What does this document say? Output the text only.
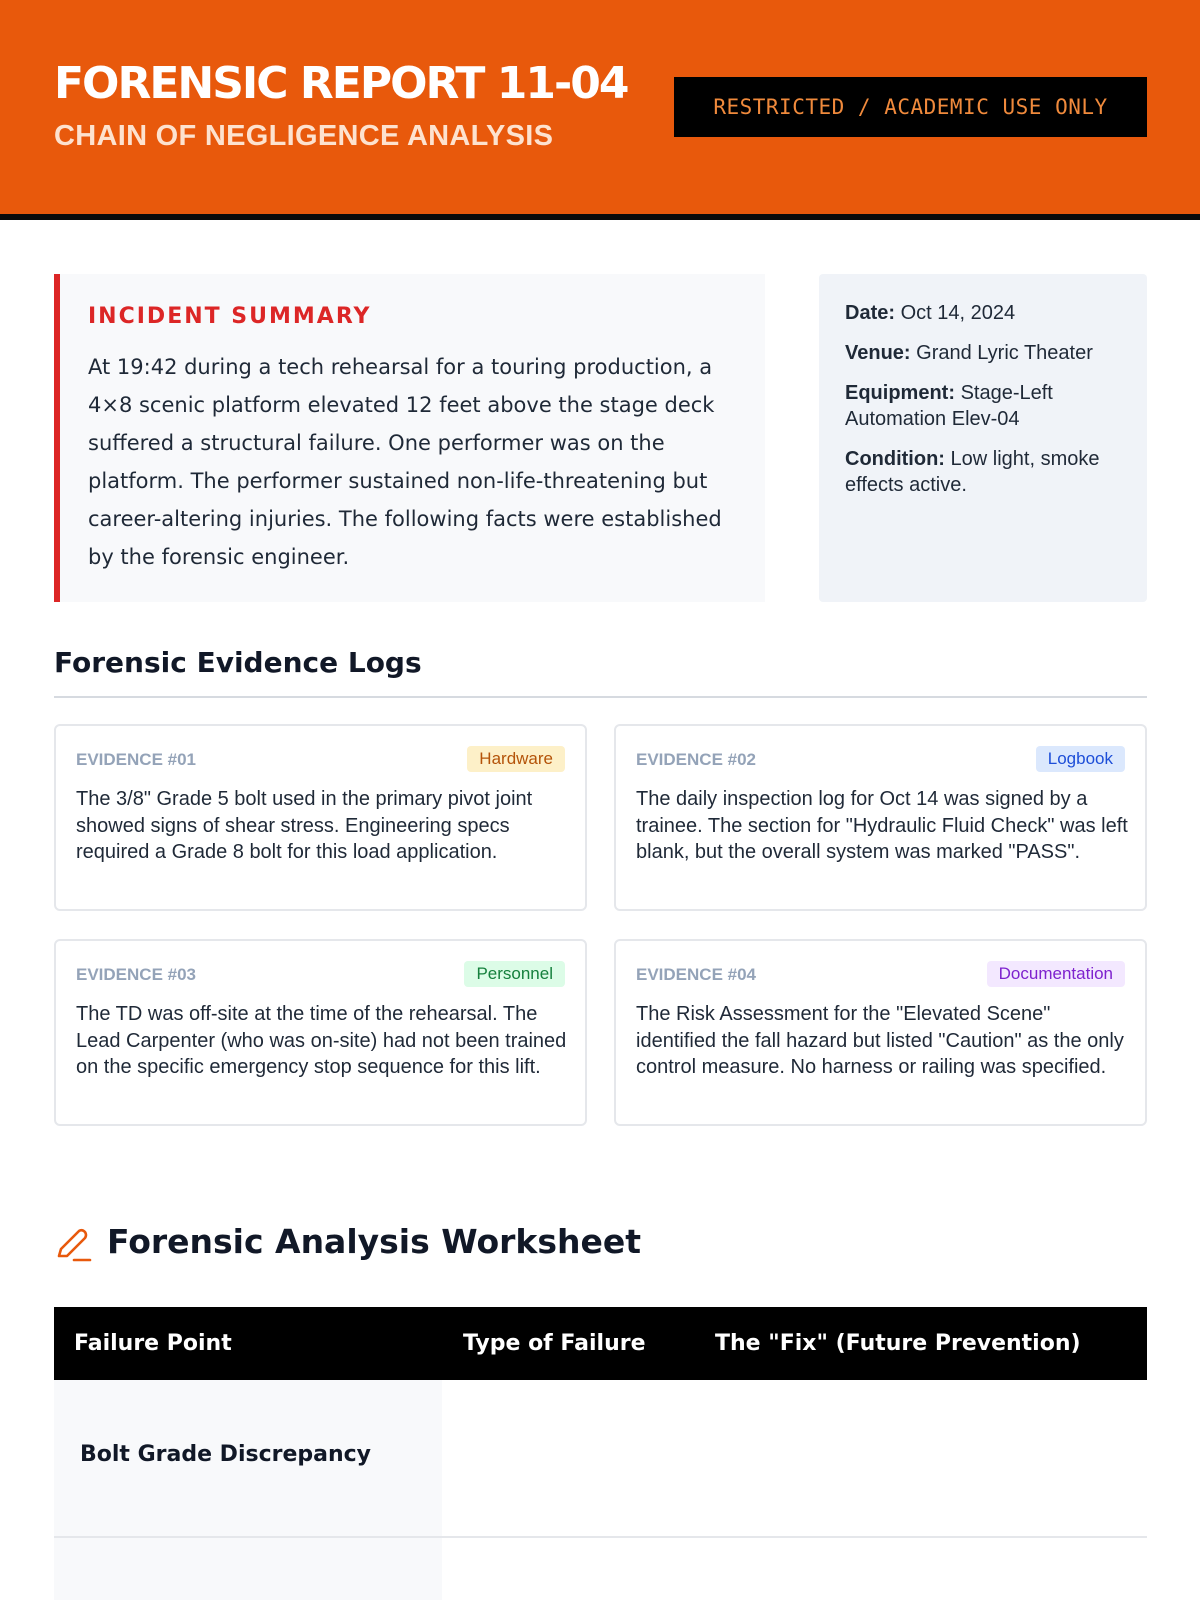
FORENSIC REPORT 11-04
CHAIN OF NEGLIGENCE ANALYSIS
RESTRICTED / ACADEMIC USE ONLY
INCIDENT SUMMARY
At 19:42 during a tech rehearsal for a touring production, a 4×8 scenic platform elevated 12 feet above the stage deck suffered a structural failure. One performer was on the platform. The performer sustained non-life-threatening but career-altering injuries. The following facts were established by the forensic engineer.
Date: Oct 14, 2024
Venue: Grand Lyric Theater
Equipment: Stage-Left Automation Elev-04
Condition: Low light, smoke effects active.
Forensic Evidence Logs
EVIDENCE #01	Hardware
The 3/8" Grade 5 bolt used in the primary pivot joint showed signs of shear stress. Engineering specs required a Grade 8 bolt for this load application.
EVIDENCE #02	Logbook
The daily inspection log for Oct 14 was signed by a trainee. The section for "Hydraulic Fluid Check" was left blank, but the overall system was marked "PASS".
EVIDENCE #03	Personnel
The TD was off-site at the time of the rehearsal. The Lead Carpenter (who was on-site) had not been trained on the specific emergency stop sequence for this lift.
EVIDENCE #04	Documentation
The Risk Assessment for the "Elevated Scene" identified the fall hazard but listed "Caution" as the only control measure. No harness or railing was specified.
Forensic Analysis Worksheet
Failure Point	Type of Failure	The "Fix" (Future Prevention)
Bolt Grade Discrepancy
